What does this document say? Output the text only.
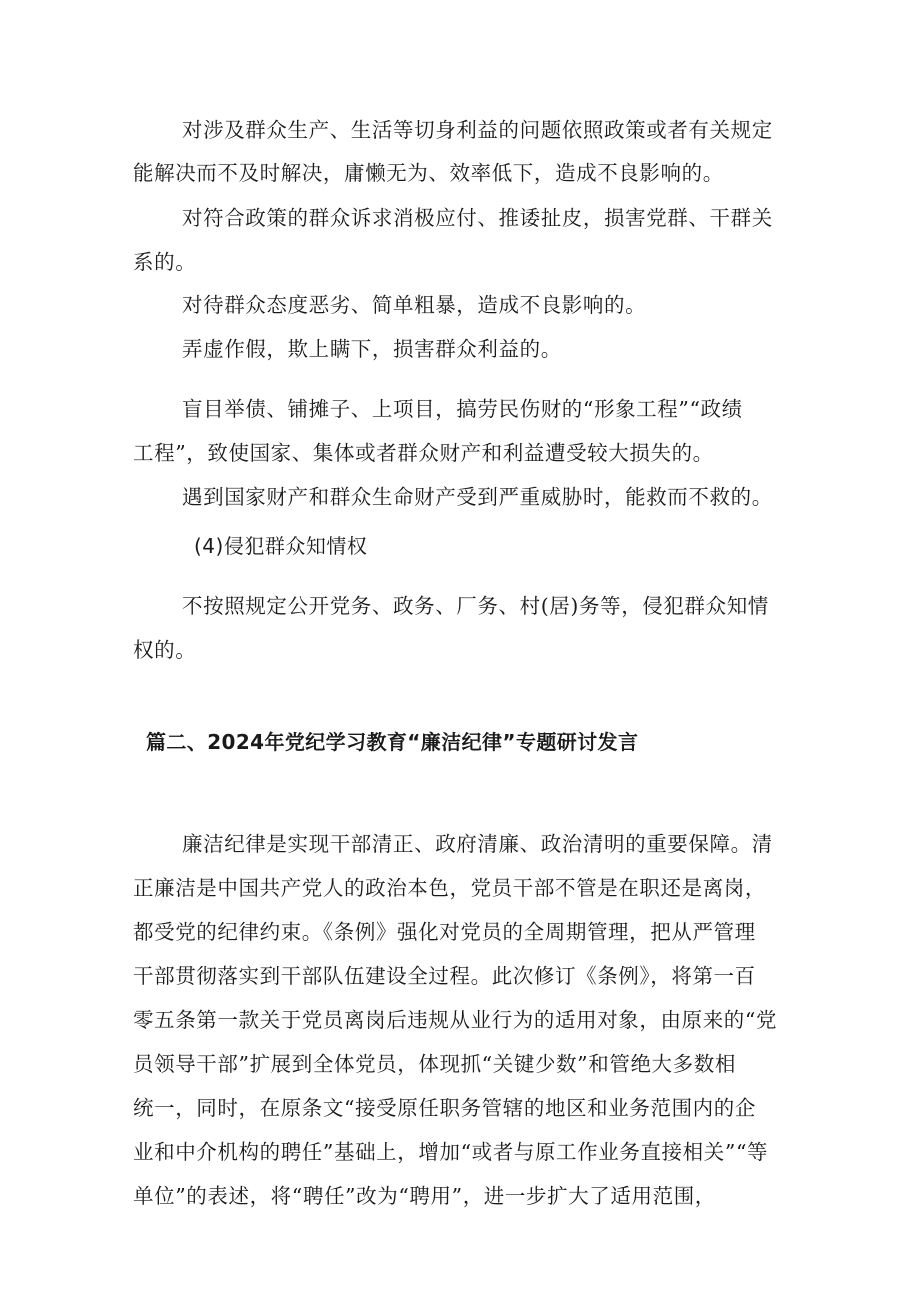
对涉及群众生产、生活等切身利益的问题依照政策或者有关规定
能解决而不及时解决，庸懒无为、效率低下，造成不良影响的。
对符合政策的群众诉求消极应付、推诿扯皮，损害党群、干群关
系的。
对待群众态度恶劣、简单粗暴，造成不良影响的。
弄虚作假，欺上瞒下，损害群众利益的。
盲目举债、铺摊子、上项目，搞劳民伤财的“形象工程”“政绩
工程”，致使国家、集体或者群众财产和利益遭受较大损失的。
遇到国家财产和群众生命财产受到严重威胁时，能救而不救的。
(4)侵犯群众知情权
不按照规定公开党务、政务、厂务、村(居)务等，侵犯群众知情
权的。
篇二、2024年党纪学习教育“廉洁纪律”专题研讨发言
廉洁纪律是实现干部清正、政府清廉、政治清明的重要保障。清
正廉洁是中国共产党人的政治本色，党员干部不管是在职还是离岗，
都受党的纪律约束。《条例》强化对党员的全周期管理，把从严管理
干部贯彻落实到干部队伍建设全过程。此次修订《条例》，将第一百
零五条第一款关于党员离岗后违规从业行为的适用对象，由原来的“党
员领导干部”扩展到全体党员，体现抓“关键少数”和管绝大多数相
统一，同时，在原条文“接受原任职务管辖的地区和业务范围内的企
业和中介机构的聘任”基础上，增加“或者与原工作业务直接相关”“等
单位”的表述，将“聘任”改为“聘用”，进一步扩大了适用范围，
